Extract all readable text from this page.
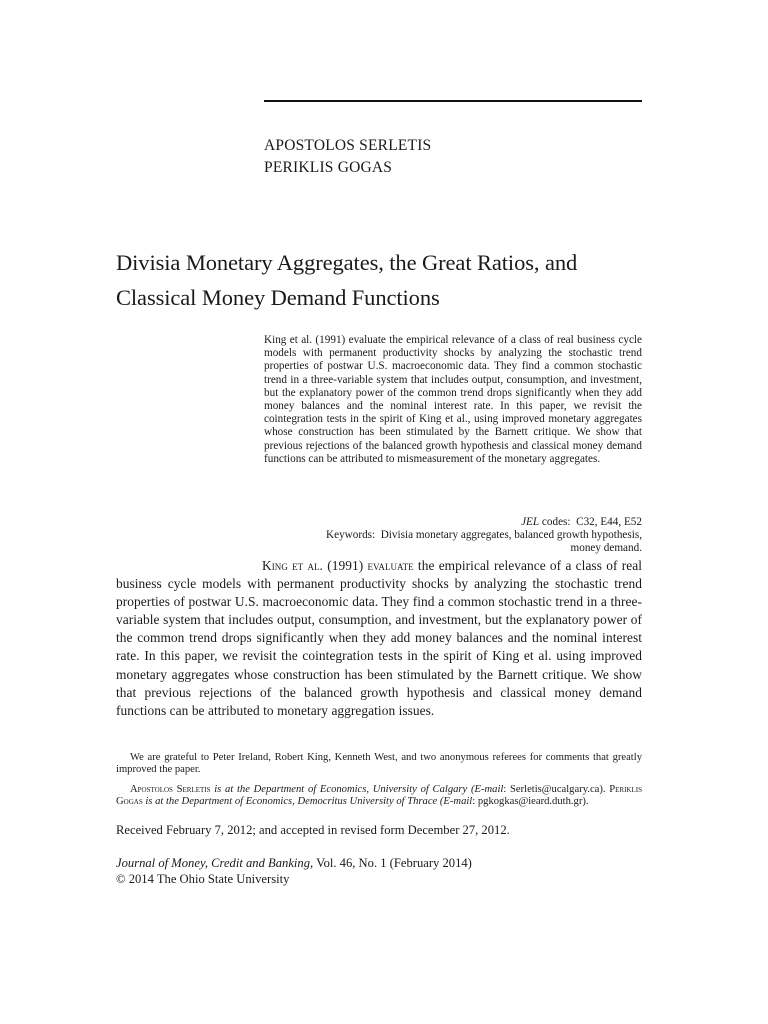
APOSTOLOS SERLETIS
PERIKLIS GOGAS
Divisia Monetary Aggregates, the Great Ratios, and
Classical Money Demand Functions
King et al. (1991) evaluate the empirical relevance of a class of real business cycle models with permanent productivity shocks by analyzing the stochastic trend properties of postwar U.S. macroeconomic data. They find a common stochastic trend in a three-variable system that includes output, consumption, and investment, but the explanatory power of the common trend drops significantly when they add money balances and the nominal interest rate. In this paper, we revisit the cointegration tests in the spirit of King et al., using improved monetary aggregates whose construction has been stimulated by the Barnett critique. We show that previous rejections of the balanced growth hypothesis and classical money demand functions can be attributed to mismeasurement of the monetary aggregates.
JEL codes: C32, E44, E52
Keywords: Divisia monetary aggregates, balanced growth hypothesis,
money demand.
King et al. (1991) evaluate the empirical relevance of a class of real business cycle models with permanent productivity shocks by analyzing the stochastic trend properties of postwar U.S. macroeconomic data. They find a common stochastic trend in a three-variable system that includes output, consumption, and investment, but the explanatory power of the common trend drops significantly when they add money balances and the nominal interest rate. In this paper, we revisit the cointegration tests in the spirit of King et al. using improved monetary aggregates whose construction has been stimulated by the Barnett critique. We show that previous rejections of the balanced growth hypothesis and classical money demand functions can be attributed to monetary aggregation issues.
We are grateful to Peter Ireland, Robert King, Kenneth West, and two anonymous referees for comments that greatly improved the paper.
Apostolos Serletis is at the Department of Economics, University of Calgary (E-mail: Serletis@ucalgary.ca). Periklis Gogas is at the Department of Economics, Democritus University of Thrace (E-mail: pgkogkas@ieard.duth.gr).
Received February 7, 2012; and accepted in revised form December 27, 2012.
Journal of Money, Credit and Banking, Vol. 46, No. 1 (February 2014)
© 2014 The Ohio State University
